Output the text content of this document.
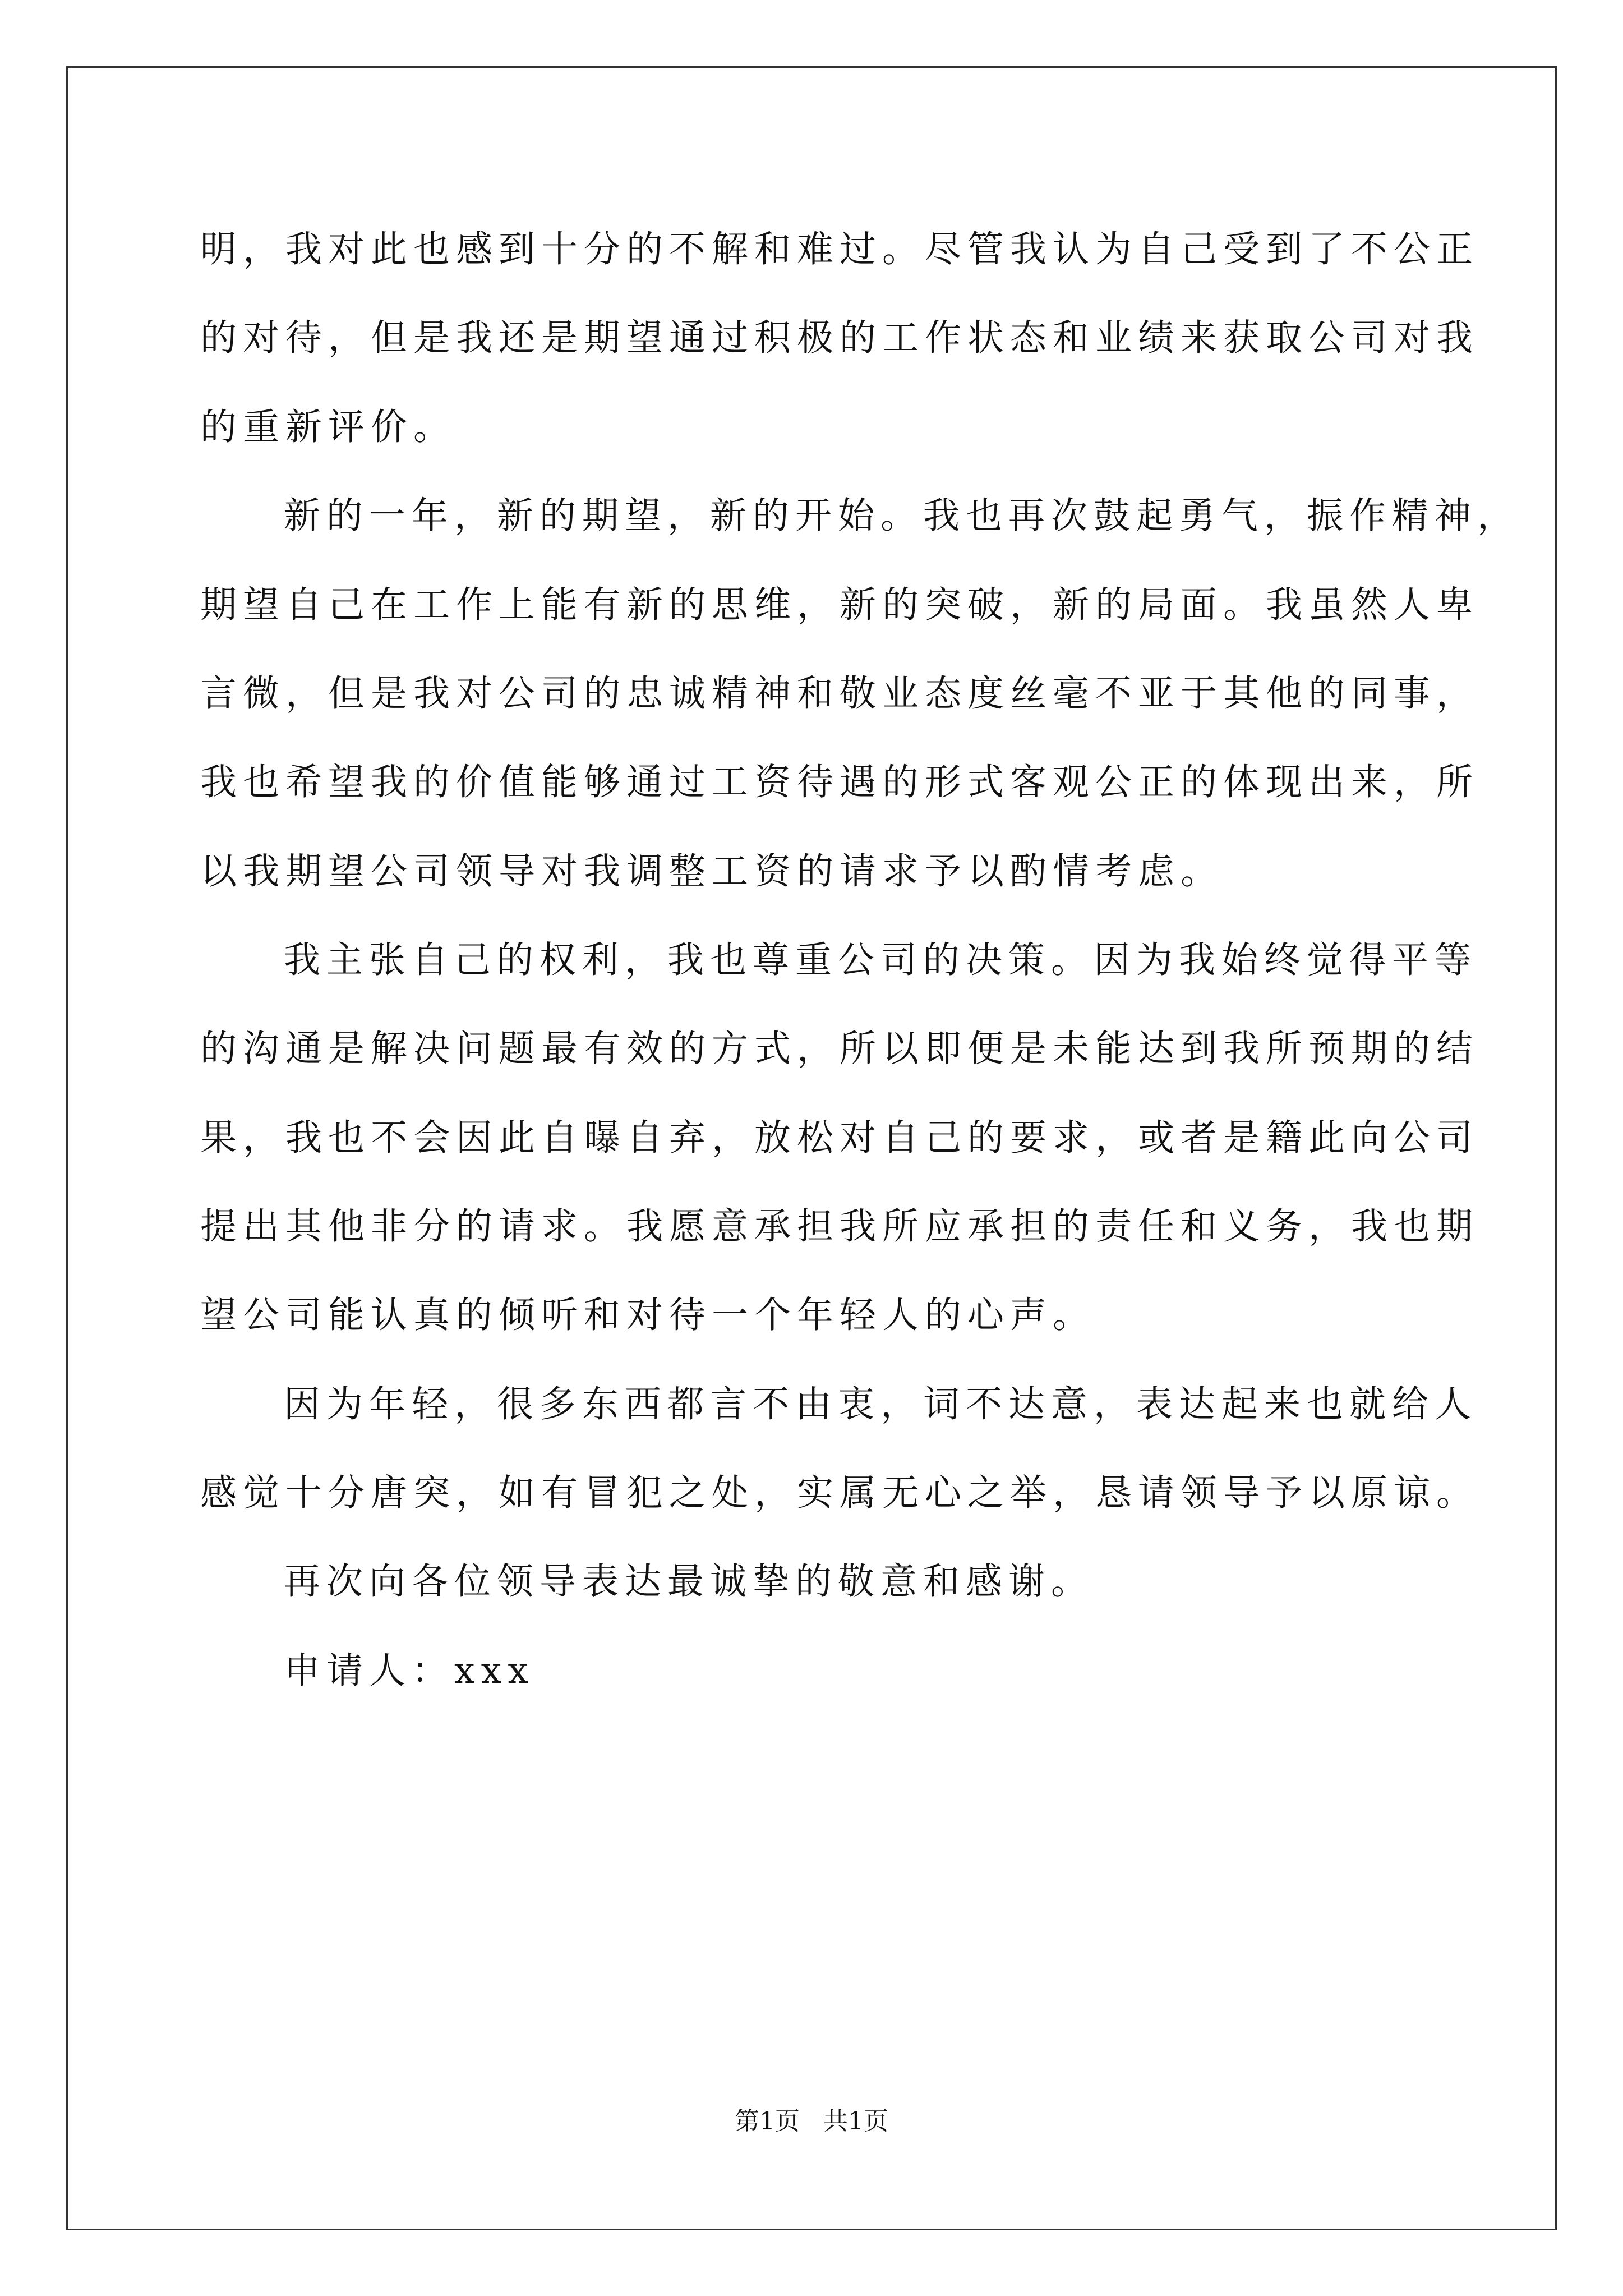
明，我对此也感到十分的不解和难过。尽管我认为自己受到了不公正
的对待，但是我还是期望通过积极的工作状态和业绩来获取公司对我
的重新评价。
新的一年，新的期望，新的开始。我也再次鼓起勇气，振作精神，
期望自己在工作上能有新的思维，新的突破，新的局面。我虽然人卑
言微，但是我对公司的忠诚精神和敬业态度丝毫不亚于其他的同事，
我也希望我的价值能够通过工资待遇的形式客观公正的体现出来，所
以我期望公司领导对我调整工资的请求予以酌情考虑。
我主张自己的权利，我也尊重公司的决策。因为我始终觉得平等
的沟通是解决问题最有效的方式，所以即便是未能达到我所预期的结
果，我也不会因此自曝自弃，放松对自己的要求，或者是籍此向公司
提出其他非分的请求。我愿意承担我所应承担的责任和义务，我也期
望公司能认真的倾听和对待一个年轻人的心声。
因为年轻，很多东西都言不由衷，词不达意，表达起来也就给人
感觉十分唐突，如有冒犯之处，实属无心之举，恳请领导予以原谅。
再次向各位领导表达最诚挚的敬意和感谢。
申请人：xxx
第1页   共1页
